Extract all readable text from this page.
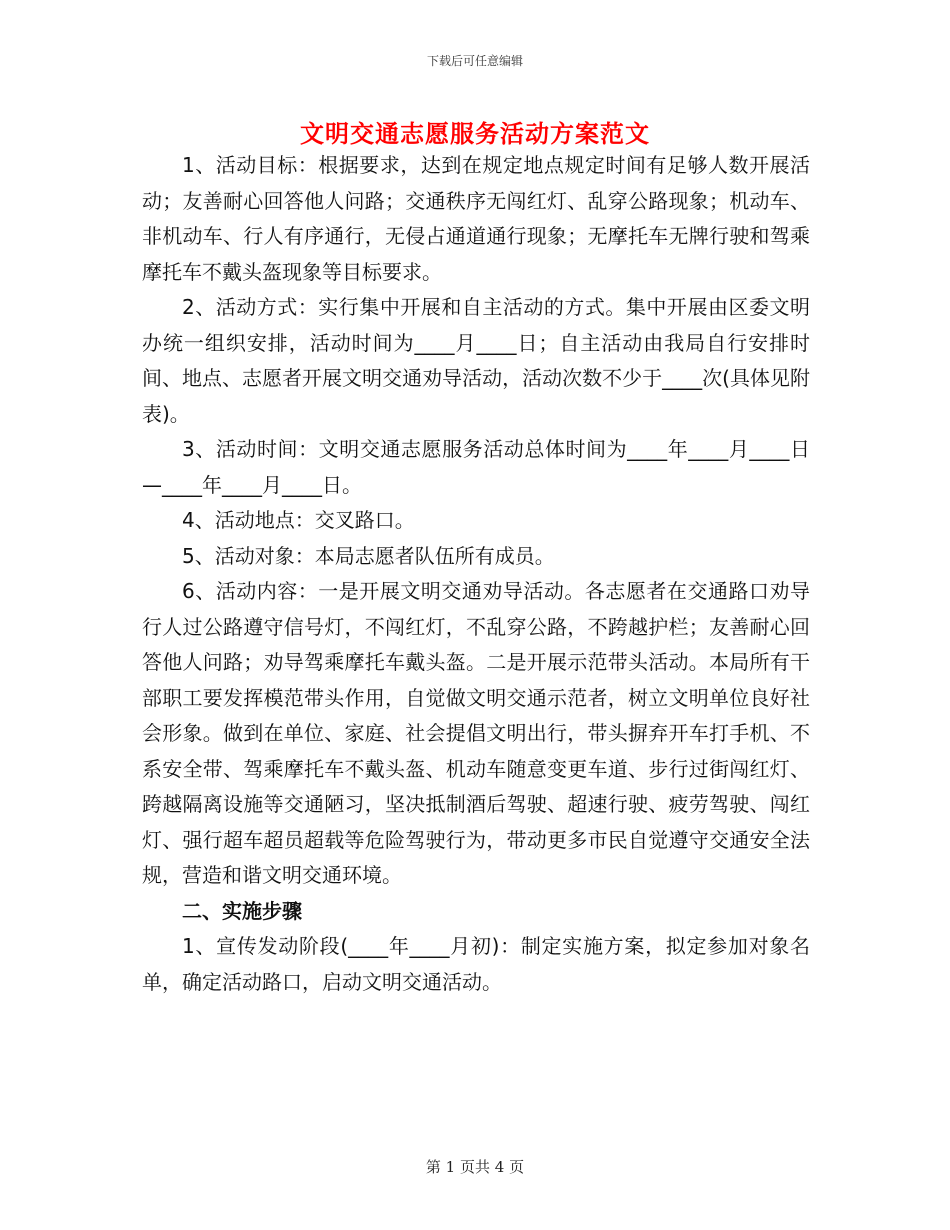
下载后可任意编辑
文明交通志愿服务活动方案范文

1、活动目标：根据要求，达到在规定地点规定时间有足够人数开展活动；友善耐心回答他人问路；交通秩序无闯红灯、乱穿公路现象；机动车、非机动车、行人有序通行，无侵占通道通行现象；无摩托车无牌行驶和驾乘摩托车不戴头盔现象等目标要求。

2、活动方式：实行集中开展和自主活动的方式。集中开展由区委文明办统一组织安排，活动时间为____月____日；自主活动由我局自行安排时间、地点、志愿者开展文明交通劝导活动，活动次数不少于____次(具体见附表)。

3、活动时间：文明交通志愿服务活动总体时间为____年____月____日—____年____月____日。

4、活动地点：交叉路口。

5、活动对象：本局志愿者队伍所有成员。

6、活动内容：一是开展文明交通劝导活动。各志愿者在交通路口劝导行人过公路遵守信号灯，不闯红灯，不乱穿公路，不跨越护栏；友善耐心回答他人问路；劝导驾乘摩托车戴头盔。二是开展示范带头活动。本局所有干部职工要发挥模范带头作用，自觉做文明交通示范者，树立文明单位良好社会形象。做到在单位、家庭、社会提倡文明出行，带头摒弃开车打手机、不系安全带、驾乘摩托车不戴头盔、机动车随意变更车道、步行过街闯红灯、跨越隔离设施等交通陋习，坚决抵制酒后驾驶、超速行驶、疲劳驾驶、闯红灯、强行超车超员超载等危险驾驶行为，带动更多市民自觉遵守交通安全法规，营造和谐文明交通环境。

二、实施步骤

1、宣传发动阶段(____年____月初)：制定实施方案，拟定参加对象名单，确定活动路口，启动文明交通活动。

第 1 页共 4 页
